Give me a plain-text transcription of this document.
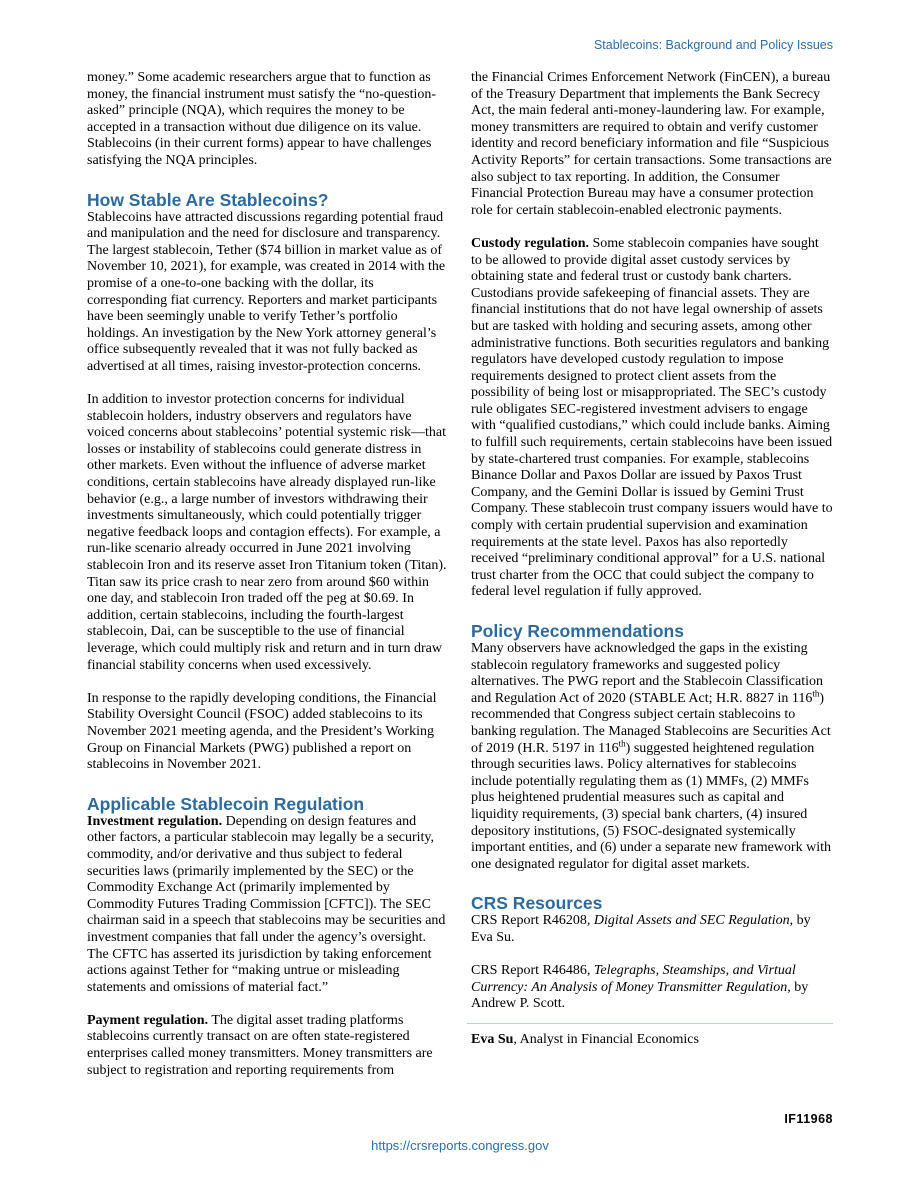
Stablecoins: Background and Policy Issues

money.” Some academic researchers argue that to function as money, the financial instrument must satisfy the “no-question-asked” principle (NQA), which requires the money to be accepted in a transaction without due diligence on its value. Stablecoins (in their current forms) appear to have challenges satisfying the NQA principles.

How Stable Are Stablecoins?

Stablecoins have attracted discussions regarding potential fraud and manipulation and the need for disclosure and transparency. The largest stablecoin, Tether ($74 billion in market value as of November 10, 2021), for example, was created in 2014 with the promise of a one-to-one backing with the dollar, its corresponding fiat currency. Reporters and market participants have been seemingly unable to verify Tether’s portfolio holdings. An investigation by the New York attorney general’s office subsequently revealed that it was not fully backed as advertised at all times, raising investor-protection concerns.

In addition to investor protection concerns for individual stablecoin holders, industry observers and regulators have voiced concerns about stablecoins’ potential systemic risk—that losses or instability of stablecoins could generate distress in other markets. Even without the influence of adverse market conditions, certain stablecoins have already displayed run-like behavior (e.g., a large number of investors withdrawing their investments simultaneously, which could potentially trigger negative feedback loops and contagion effects). For example, a run-like scenario already occurred in June 2021 involving stablecoin Iron and its reserve asset Iron Titanium token (Titan). Titan saw its price crash to near zero from around $60 within one day, and stablecoin Iron traded off the peg at $0.69. In addition, certain stablecoins, including the fourth-largest stablecoin, Dai, can be susceptible to the use of financial leverage, which could multiply risk and return and in turn draw financial stability concerns when used excessively.

In response to the rapidly developing conditions, the Financial Stability Oversight Council (FSOC) added stablecoins to its November 2021 meeting agenda, and the President’s Working Group on Financial Markets (PWG) published a report on stablecoins in November 2021.

Applicable Stablecoin Regulation

Investment regulation. Depending on design features and other factors, a particular stablecoin may legally be a security, commodity, and/or derivative and thus subject to federal securities laws (primarily implemented by the SEC) or the Commodity Exchange Act (primarily implemented by Commodity Futures Trading Commission [CFTC]). The SEC chairman said in a speech that stablecoins may be securities and investment companies that fall under the agency’s oversight. The CFTC has asserted its jurisdiction by taking enforcement actions against Tether for “making untrue or misleading statements and omissions of material fact.”

Payment regulation. The digital asset trading platforms stablecoins currently transact on are often state-registered enterprises called money transmitters. Money transmitters are subject to registration and reporting requirements from

the Financial Crimes Enforcement Network (FinCEN), a bureau of the Treasury Department that implements the Bank Secrecy Act, the main federal anti-money-laundering law. For example, money transmitters are required to obtain and verify customer identity and record beneficiary information and file “Suspicious Activity Reports” for certain transactions. Some transactions are also subject to tax reporting. In addition, the Consumer Financial Protection Bureau may have a consumer protection role for certain stablecoin-enabled electronic payments.

Custody regulation. Some stablecoin companies have sought to be allowed to provide digital asset custody services by obtaining state and federal trust or custody bank charters. Custodians provide safekeeping of financial assets. They are financial institutions that do not have legal ownership of assets but are tasked with holding and securing assets, among other administrative functions. Both securities regulators and banking regulators have developed custody regulation to impose requirements designed to protect client assets from the possibility of being lost or misappropriated. The SEC’s custody rule obligates SEC-registered investment advisers to engage with “qualified custodians,” which could include banks. Aiming to fulfill such requirements, certain stablecoins have been issued by state-chartered trust companies. For example, stablecoins Binance Dollar and Paxos Dollar are issued by Paxos Trust Company, and the Gemini Dollar is issued by Gemini Trust Company. These stablecoin trust company issuers would have to comply with certain prudential supervision and examination requirements at the state level. Paxos has also reportedly received “preliminary conditional approval” for a U.S. national trust charter from the OCC that could subject the company to federal level regulation if fully approved.

Policy Recommendations

Many observers have acknowledged the gaps in the existing stablecoin regulatory frameworks and suggested policy alternatives. The PWG report and the Stablecoin Classification and Regulation Act of 2020 (STABLE Act; H.R. 8827 in 116th) recommended that Congress subject certain stablecoins to banking regulation. The Managed Stablecoins are Securities Act of 2019 (H.R. 5197 in 116th) suggested heightened regulation through securities laws. Policy alternatives for stablecoins include potentially regulating them as (1) MMFs, (2) MMFs plus heightened prudential measures such as capital and liquidity requirements, (3) special bank charters, (4) insured depository institutions, (5) FSOC-designated systemically important entities, and (6) under a separate new framework with one designated regulator for digital asset markets.

CRS Resources

CRS Report R46208, Digital Assets and SEC Regulation, by Eva Su.

CRS Report R46486, Telegraphs, Steamships, and Virtual Currency: An Analysis of Money Transmitter Regulation, by Andrew P. Scott.

Eva Su, Analyst in Financial Economics

IF11968
https://crsreports.congress.gov
